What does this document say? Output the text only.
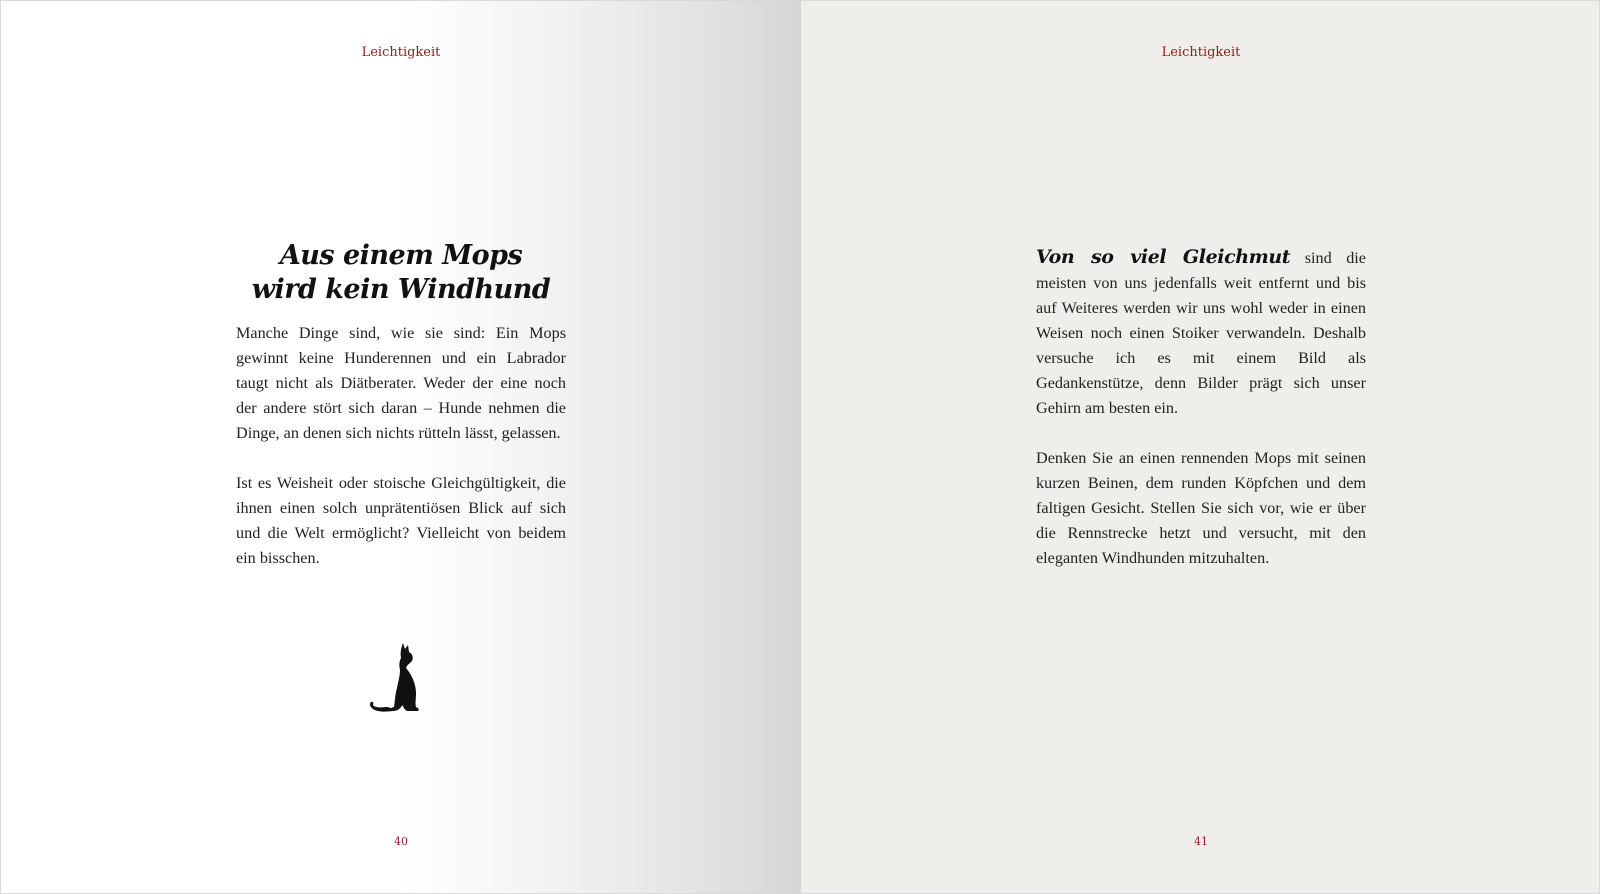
Leichtigkeit
Aus einem Mops
wird kein Windhund

Manche Dinge sind, wie sie sind: Ein Mops gewinnt keine Hunderennen und ein Labrador taugt nicht als Diätberater. Weder der eine noch der andere stört sich daran – Hunde nehmen die Dinge, an denen sich nichts rütteln lässt, gelassen.

Ist es Weisheit oder stoische Gleichgültigkeit, die ihnen einen solch unprätentiösen Blick auf sich und die Welt ermöglicht? Vielleicht von beidem ein bisschen.

40
Leichtigkeit

Von so viel Gleichmut sind die meisten von uns jedenfalls weit entfernt und bis auf Weiteres werden wir uns wohl weder in einen Weisen noch einen Stoiker verwandeln. Deshalb versuche ich es mit einem Bild als Gedankenstütze, denn Bilder prägt sich unser Gehirn am besten ein.

Denken Sie an einen rennenden Mops mit seinen kurzen Beinen, dem runden Köpfchen und dem faltigen Gesicht. Stellen Sie sich vor, wie er über die Rennstrecke hetzt und versucht, mit den eleganten Windhunden mitzuhalten.

41
